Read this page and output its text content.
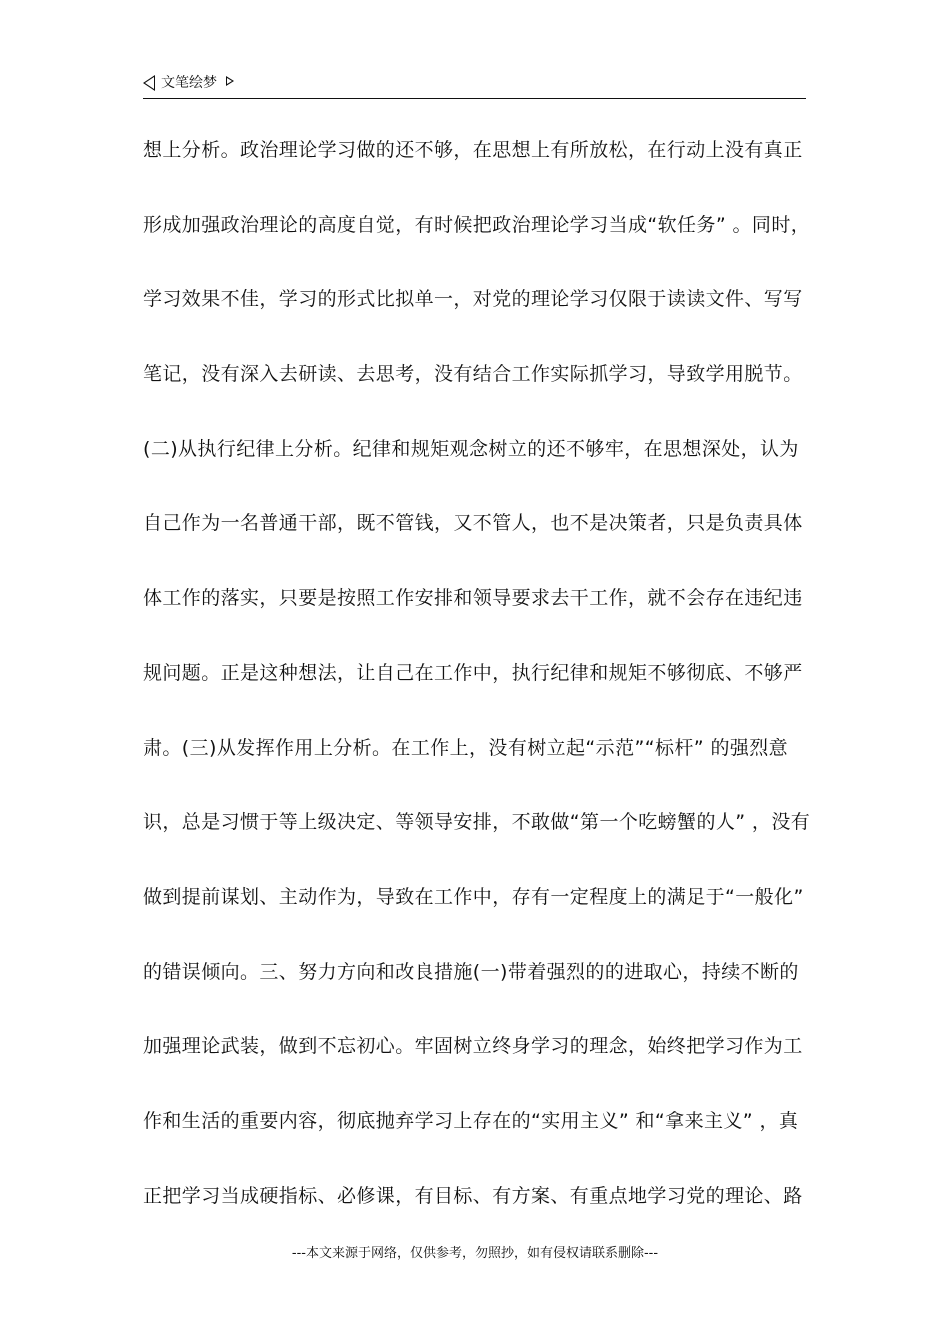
文笔绘梦
想上分析。政治理论学习做的还不够，在思想上有所放松，在行动上没有真正
形成加强政治理论的高度自觉，有时候把政治理论学习当成“软任务” 。同时，
学习效果不佳，学习的形式比拟单一，对党的理论学习仅限于读读文件、写写
笔记，没有深入去研读、去思考，没有结合工作实际抓学习，导致学用脱节。
(二)从执行纪律上分析。纪律和规矩观念树立的还不够牢，在思想深处，认为
自己作为一名普通干部，既不管钱，又不管人，也不是决策者，只是负责具体
体工作的落实，只要是按照工作安排和领导要求去干工作，就不会存在违纪违
规问题。正是这种想法，让自己在工作中，执行纪律和规矩不够彻底、不够严
肃。(三)从发挥作用上分析。在工作上，没有树立起“示范”“标杆” 的强烈意
识，总是习惯于等上级决定、等领导安排，不敢做“第一个吃螃蟹的人” ，没有
做到提前谋划、主动作为，导致在工作中，存有一定程度上的满足于“一般化”
的错误倾向。三、努力方向和改良措施(一)带着强烈的的进取心，持续不断的
加强理论武装，做到不忘初心。牢固树立终身学习的理念，始终把学习作为工
作和生活的重要内容，彻底抛弃学习上存在的“实用主义” 和“拿来主义” ，真
正把学习当成硬指标、必修课，有目标、有方案、有重点地学习党的理论、路
---本文来源于网络，仅供参考，勿照抄，如有侵权请联系删除---
